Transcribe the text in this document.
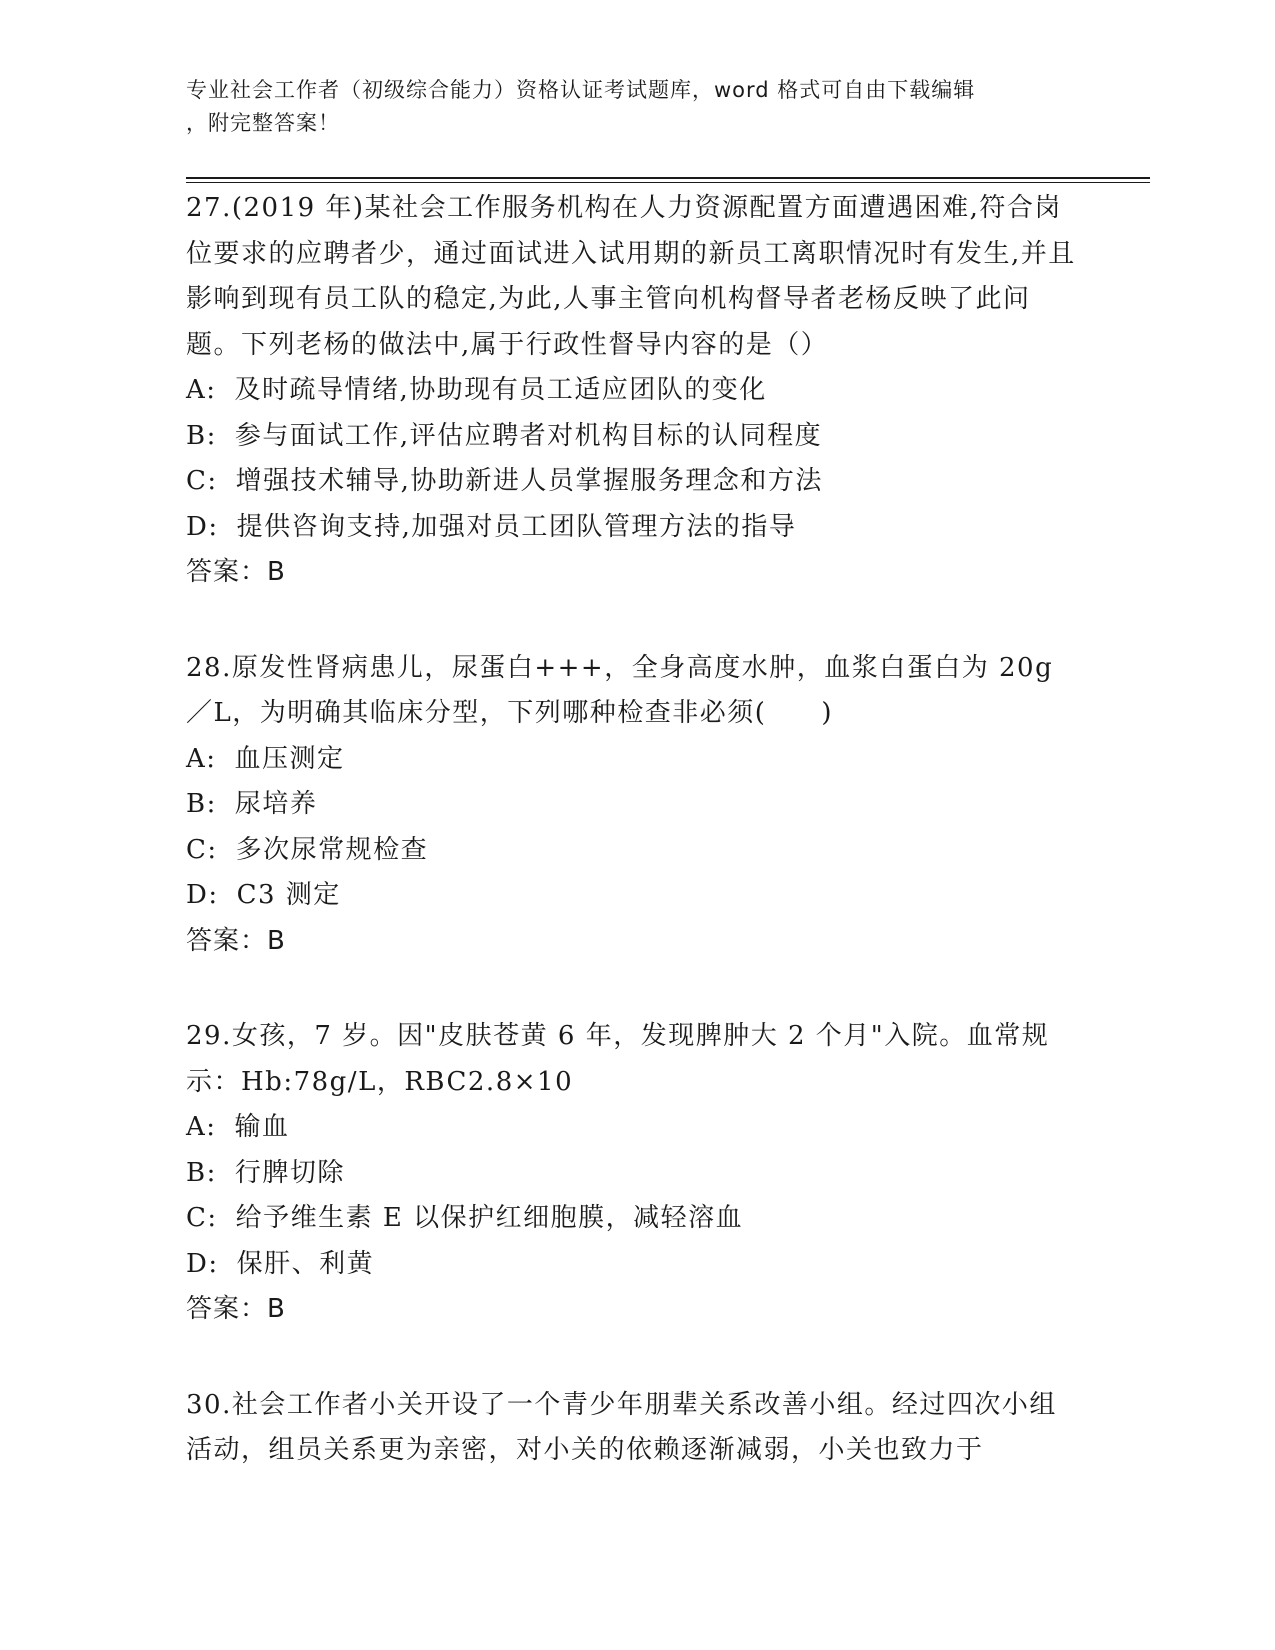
专业社会工作者（初级综合能力）资格认证考试题库，word 格式可自由下载编辑
，附完整答案！

27.(2019 年)某社会工作服务机构在人力资源配置方面遭遇困难,符合岗位要求的应聘者少，通过面试进入试用期的新员工离职情况时有发生,并且影响到现有员工队的稳定,为此,人事主管向机构督导者老杨反映了此问题。下列老杨的做法中,属于行政性督导内容的是（）

A: 及时疏导情绪,协助现有员工适应团队的变化

B: 参与面试工作,评估应聘者对机构目标的认同程度

C: 增强技术辅导,协助新进人员掌握服务理念和方法

D: 提供咨询支持,加强对员工团队管理方法的指导

答案：B

28.原发性肾病患儿，尿蛋白+++，全身高度水肿，血浆白蛋白为 20g／L，为明确其临床分型，下列哪种检查非必须(　　)

A: 血压测定

B: 尿培养

C: 多次尿常规检查

D: C3 测定

答案：B

29.女孩，7 岁。因"皮肤苍黄 6 年，发现脾肿大 2 个月"入院。血常规示：Hb:78g/L，RBC2.8×10

A: 输血

B: 行脾切除

C: 给予维生素 E 以保护红细胞膜，减轻溶血

D: 保肝、利黄

答案：B

30.社会工作者小关开设了一个青少年朋辈关系改善小组。经过四次小组活动，组员关系更为亲密，对小关的依赖逐渐减弱，小关也致力于
